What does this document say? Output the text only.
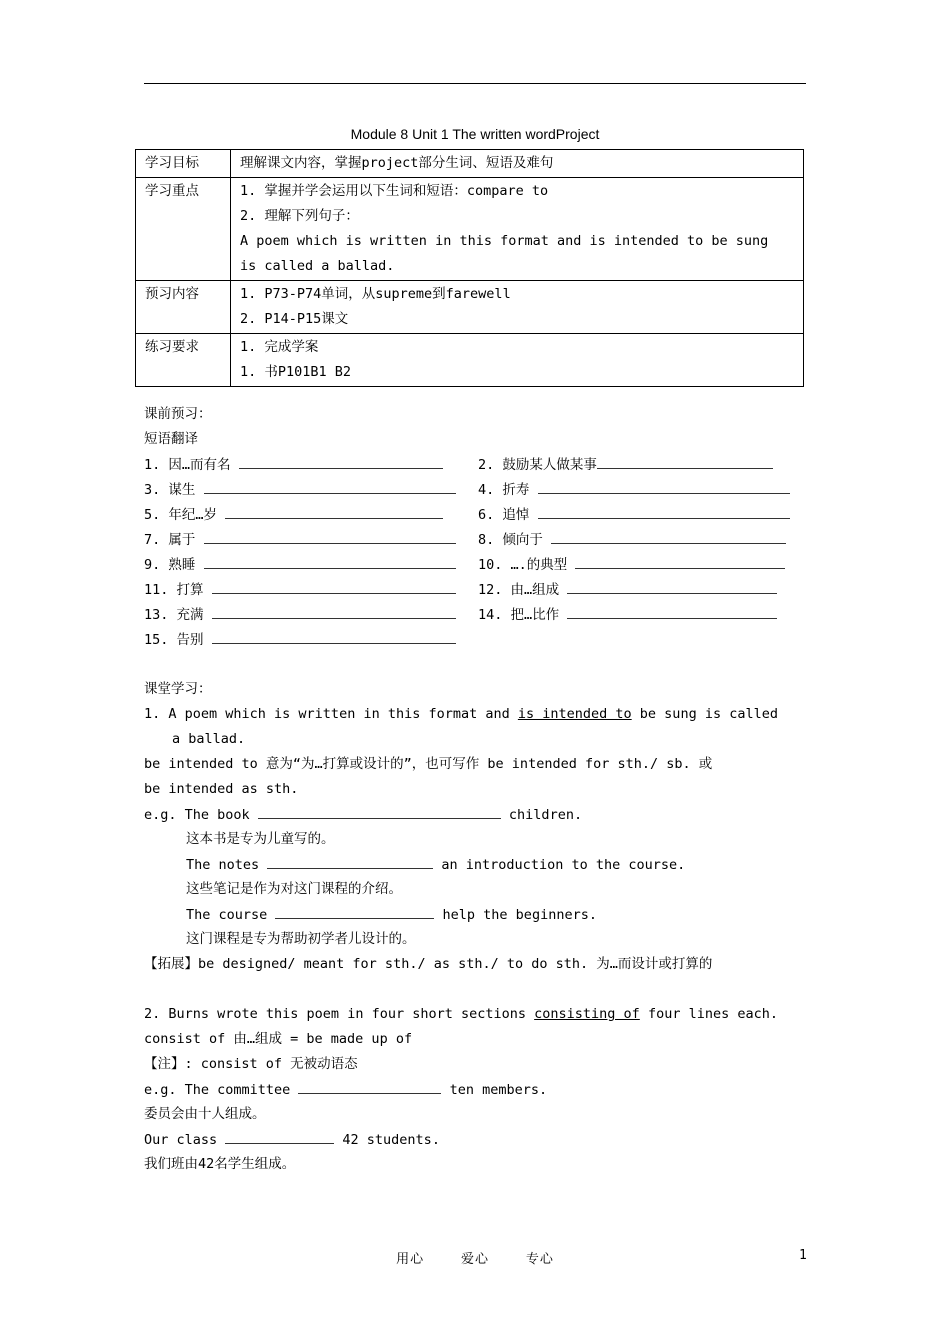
Module 8 Unit 1 The written wordProject
学习目标	理解课文内容，掌握project部分生词、短语及难句
学习重点	1. 掌握并学会运用以下生词和短语：compare to
2. 理解下列句子：
A poem which is written in this format and is intended to be sung
is called a ballad.

预习内容	1. P73-P74单词，从supreme到farewell
2. P14-P15课文

练习要求	1. 完成学案
1. 书P101B1 B2
课前预习：
短语翻译
1. 因…而有名	2. 鼓励某人做某事
3. 谋生	4. 折寿
5. 年纪…岁	6. 追悼
7. 属于	8. 倾向于
9. 熟睡	10. ….的典型
11. 打算	12. 由…组成
13. 充满	14. 把…比作
15. 告别
课堂学习：
1. A poem which is written in this format and is intended to be sung is called
a ballad.
be intended to 意为“为…打算或设计的”，也可写作 be intended for sth./ sb. 或
be intended as sth.
e.g. The book	children.
这本书是专为儿童写的。
The notes	an introduction to the course.
这些笔记是作为对这门课程的介绍。
The course	help the beginners.
这门课程是专为帮助初学者儿设计的。
【拓展】be designed/ meant for sth./ as sth./ to do sth. 为…而设计或打算的
2. Burns wrote this poem in four short sections consisting of four lines each.
consist of 由…组成 = be made up of
【注】: consist of 无被动语态
e.g. The committee	ten members.
委员会由十人组成。
Our class	42 students.
我们班由42名学生组成。
用心	爱心	专心	1
